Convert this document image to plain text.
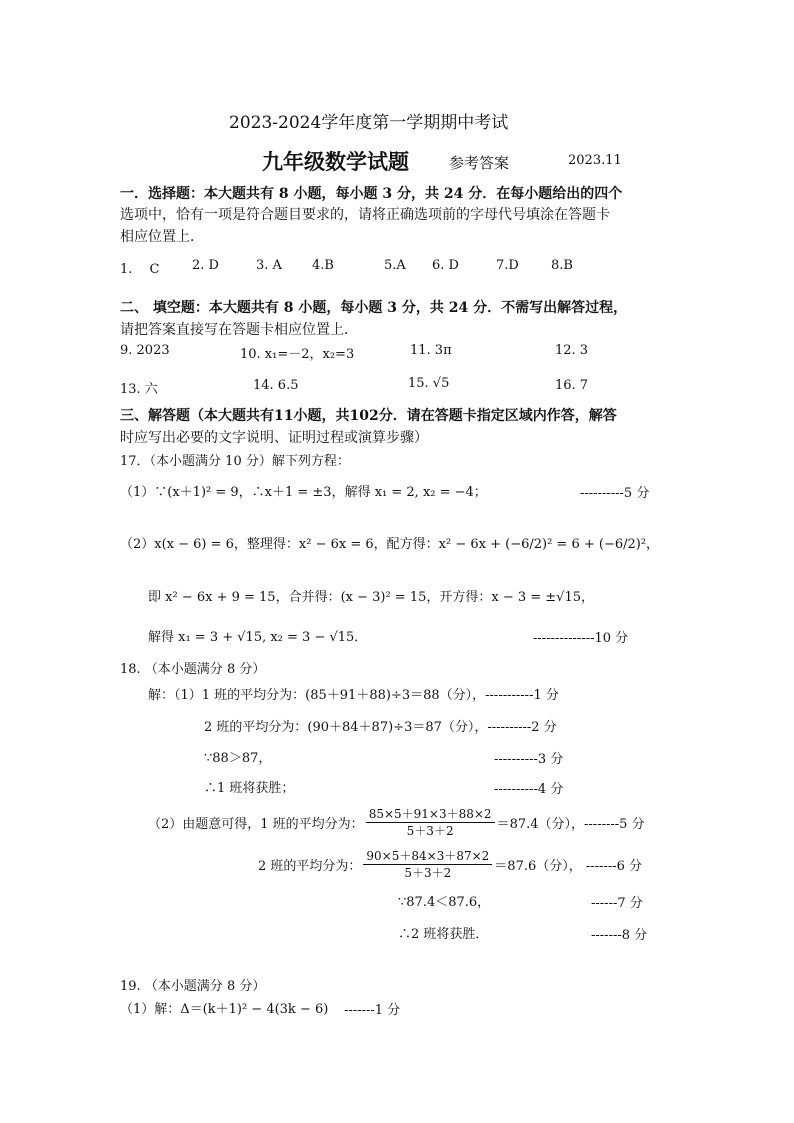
2023-2024学年度第一学期期中考试
九年级数学试题	参考答案	2023.11
一．选择题：本大题共有 8 小题，每小题 3 分，共 24 分．在每小题给出的四个
选项中，恰有一项是符合题目要求的，请将正确选项前的字母代号填涂在答题卡
相应位置上．
1.　 C	2. D	3. A 4.B	5.A 6. D	7.D 8.B
二、 填空题：本大题共有 8 小题，每小题 3 分，共 24 分．不需写出解答过程，
请把答案直接写在答题卡相应位置上．
9. 2023	10. x₁=－2，x₂=3	11. 3π	12. 3
13. 六	14. 6.5	15. √5	16. 7
三、解答题（本大题共有11小题，共102分．请在答题卡指定区域内作答，解答
时应写出必要的文字说明、证明过程或演算步骤）
17．（本小题满分 10 分）解下列方程：
（1）∵(x＋1)² = 9，∴x＋1 = ±3，解得 x₁ = 2, x₂ = −4；	----------5 分
（2）x(x − 6) = 6，整理得：x² − 6x = 6，配方得：x² − 6x + (−6/2)² = 6 + (−6/2)²，
即 x² − 6x + 9 = 15，合并得：(x − 3)² = 15，开方得：x − 3 = ±√15，
解得 x₁ = 3 + √15, x₂ = 3 − √15．	--------------10 分
18. （本小题满分 8 分）
解：（1）1 班的平均分为：(85＋91＋88)÷3＝88（分），-----------1 分
2 班的平均分为：(90＋84＋87)÷3＝87（分），----------2 分
∵88＞87，	----------3 分
∴1 班将获胜；	----------4 分
（2）由题意可得，1 班的平均分为： $\frac{85\times 5+91\times 3+88\times 2}{5+3+2} =87.4$（分），--------5 分
2 班的平均分为： $\frac{90\times 5+84\times 3+87\times 2}{5+3+2} =87.6$（分）， -------6 分
∵87.4＜87.6，	------7 分
∴2 班将获胜．	-------8 分
19. （本小题满分 8 分）
（1）解：Δ＝(k＋1)² − 4(3k − 6) -------1 分
